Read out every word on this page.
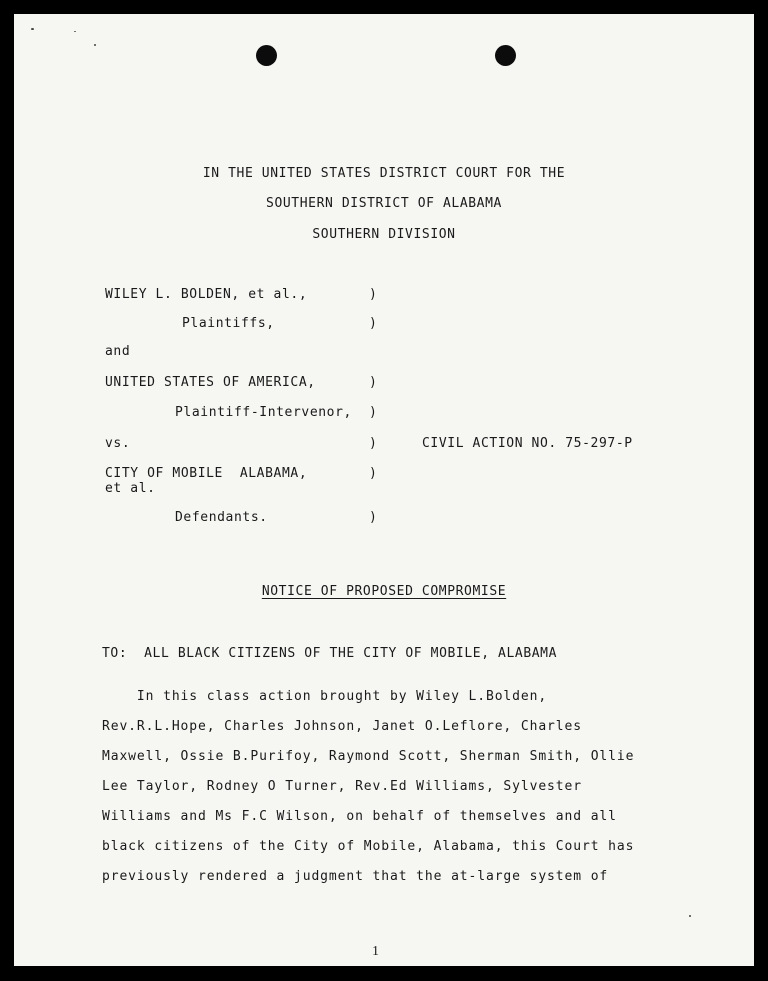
IN THE UNITED STATES DISTRICT COURT FOR THE
SOUTHERN DISTRICT OF ALABAMA
SOUTHERN DIVISION
WILEY L. BOLDEN, et al.,	)
Plaintiffs,	)
and
UNITED STATES OF AMERICA,	)
Plaintiff-Intervenor, )
vs.	)	CIVIL ACTION NO. 75-297-P
CITY OF MOBILE  ALABAMA,	)
et al.
Defendants.	)
NOTICE OF PROPOSED COMPROMISE
TO:  ALL BLACK CITIZENS OF THE CITY OF MOBILE, ALABAMA
In this class action brought by Wiley L.Bolden,
Rev.R.L.Hope, Charles Johnson, Janet O.Leflore, Charles
Maxwell, Ossie B.Purifoy, Raymond Scott, Sherman Smith, Ollie
Lee Taylor, Rodney O Turner, Rev.Ed Williams, Sylvester
Williams and Ms F.C Wilson, on behalf of themselves and all
black citizens of the City of Mobile, Alabama, this Court has
previously rendered a judgment that the at-large system of
1
